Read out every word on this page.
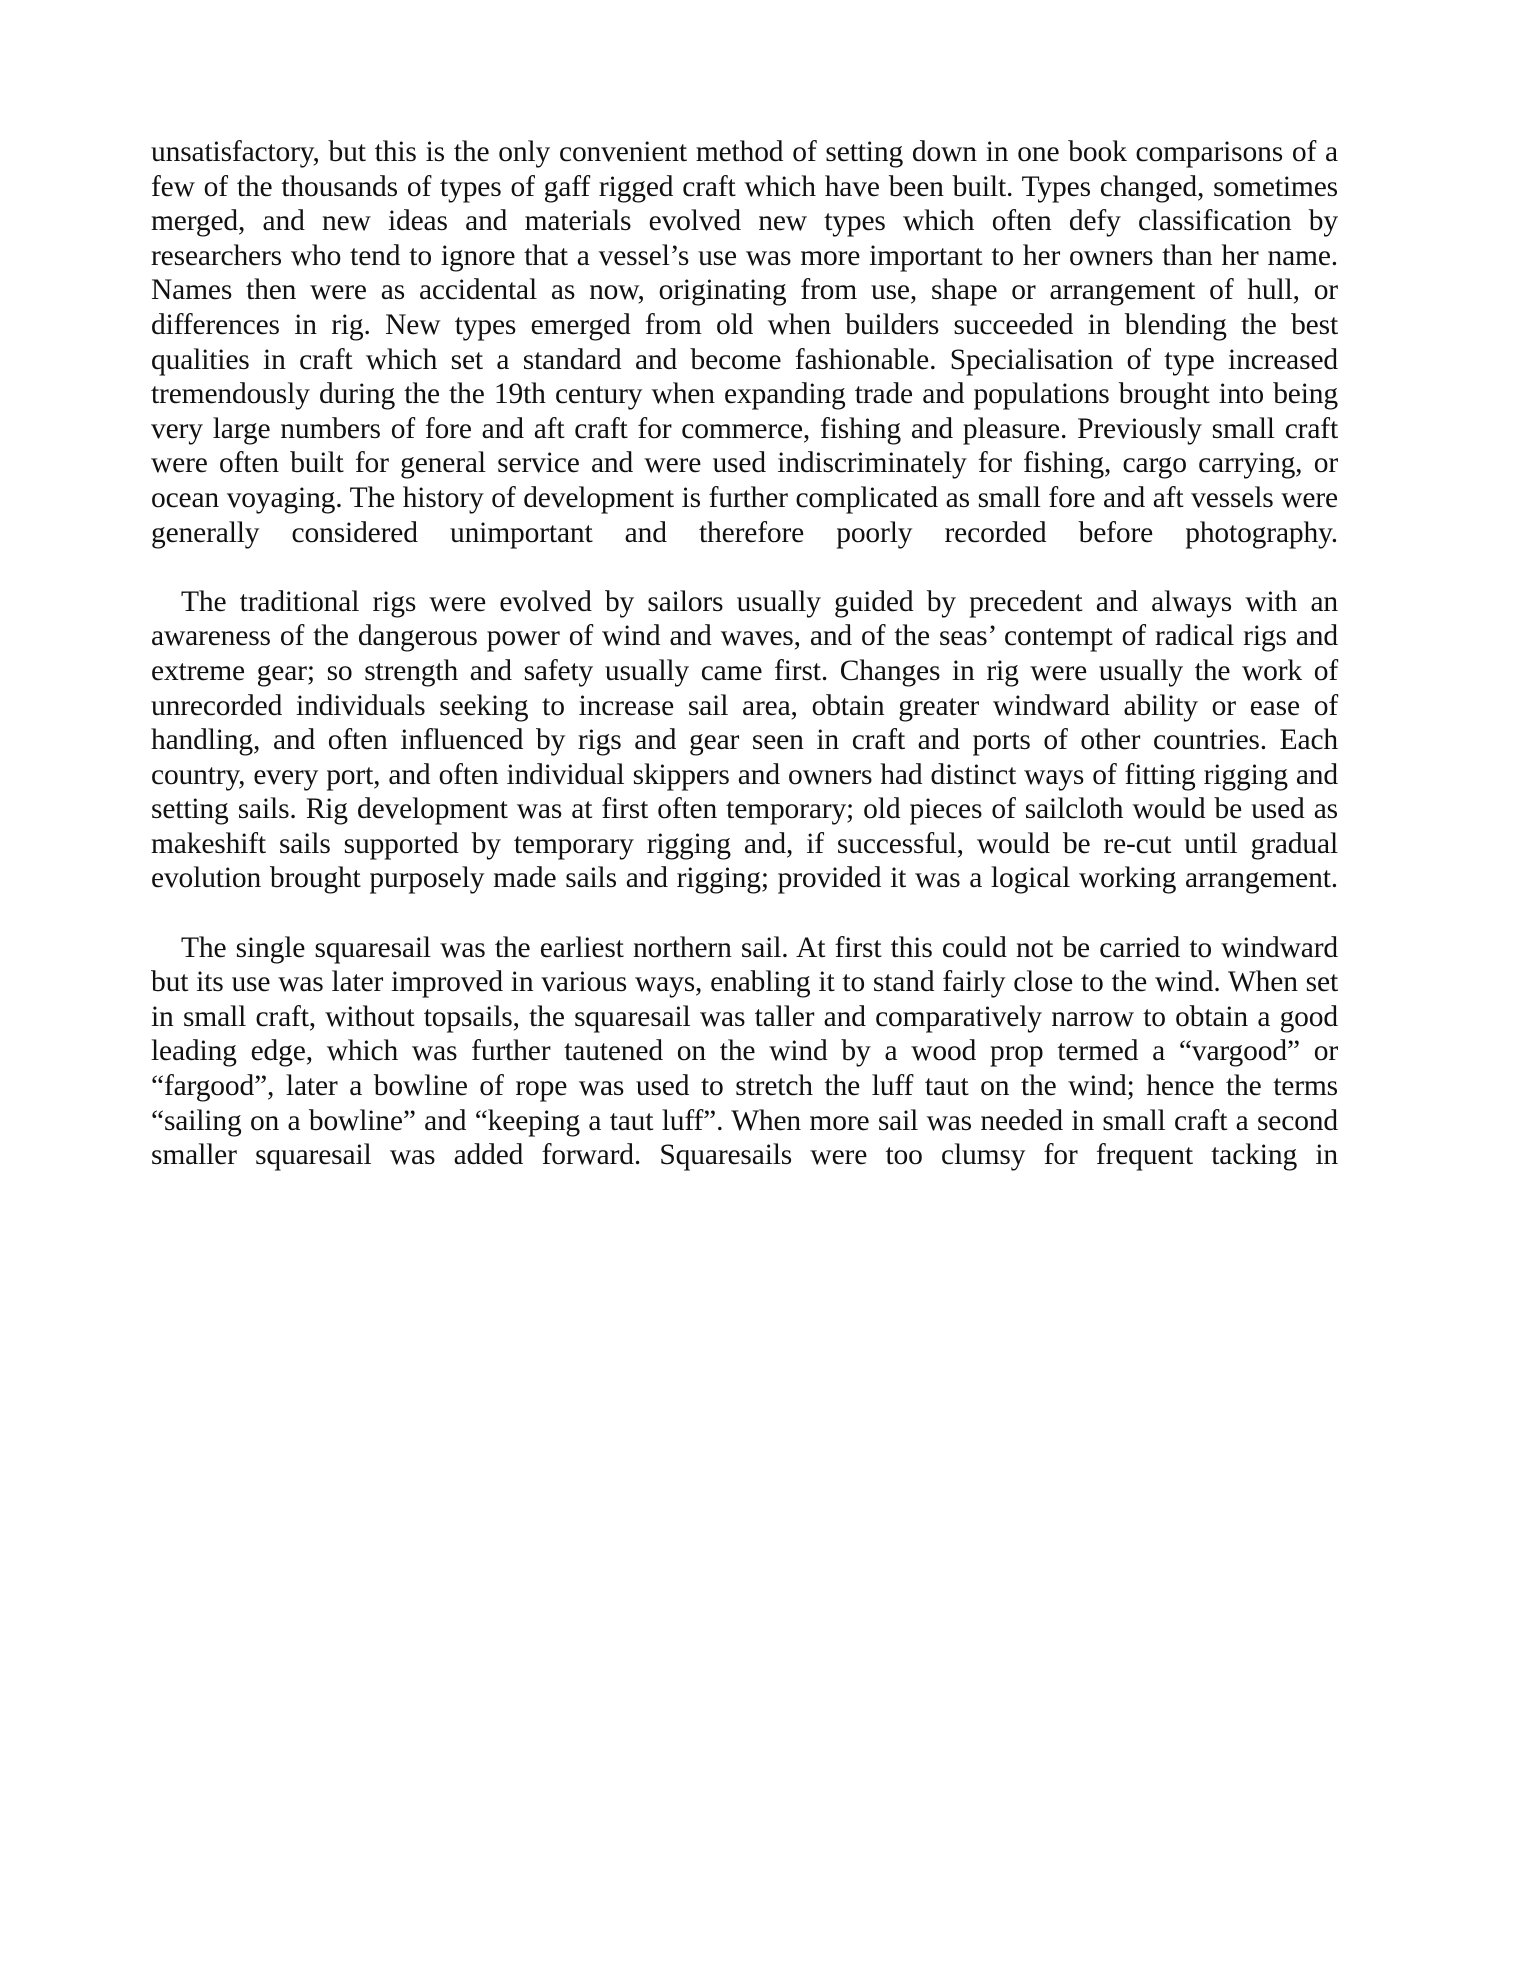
unsatisfactory, but this is the only convenient method of setting down in one book comparisons of a few of the thousands of types of gaff rigged craft which have been built. Types changed, sometimes merged, and new ideas and materials evolved new types which often defy classification by researchers who tend to ignore that a vessel’s use was more important to her owners than her name. Names then were as accidental as now, originating from use, shape or arrangement of hull, or differences in rig. New types emerged from old when builders succeeded in blending the best qualities in craft which set a standard and become fashionable. Specialisation of type increased tremendously during the the 19th century when expanding trade and populations brought into being very large numbers of fore and aft craft for commerce, fishing and pleasure. Previously small craft were often built for general service and were used indiscriminately for fishing, cargo carrying, or ocean voyaging. The history of development is further complicated as small fore and aft vessels were generally considered unimportant and therefore poorly recorded before photography.

The traditional rigs were evolved by sailors usually guided by precedent and always with an awareness of the dangerous power of wind and waves, and of the seas’ contempt of radical rigs and extreme gear; so strength and safety usually came first. Changes in rig were usually the work of unrecorded individuals seeking to increase sail area, obtain greater windward ability or ease of handling, and often influenced by rigs and gear seen in craft and ports of other countries. Each country, every port, and often individual skippers and owners had distinct ways of fitting rigging and setting sails. Rig development was at first often temporary; old pieces of sailcloth would be used as makeshift sails supported by temporary rigging and, if successful, would be re-cut until gradual evolution brought purposely made sails and rigging; provided it was a logical working arrangement.

The single squaresail was the earliest northern sail. At first this could not be carried to windward but its use was later improved in various ways, enabling it to stand fairly close to the wind. When set in small craft, without topsails, the squaresail was taller and comparatively narrow to obtain a good leading edge, which was further tautened on the wind by a wood prop termed a “vargood” or “fargood”, later a bowline of rope was used to stretch the luff taut on the wind; hence the terms “sailing on a bowline” and “keeping a taut luff”. When more sail was needed in small craft a second smaller squaresail was added forward. Squaresails were too clumsy for frequent tacking in
